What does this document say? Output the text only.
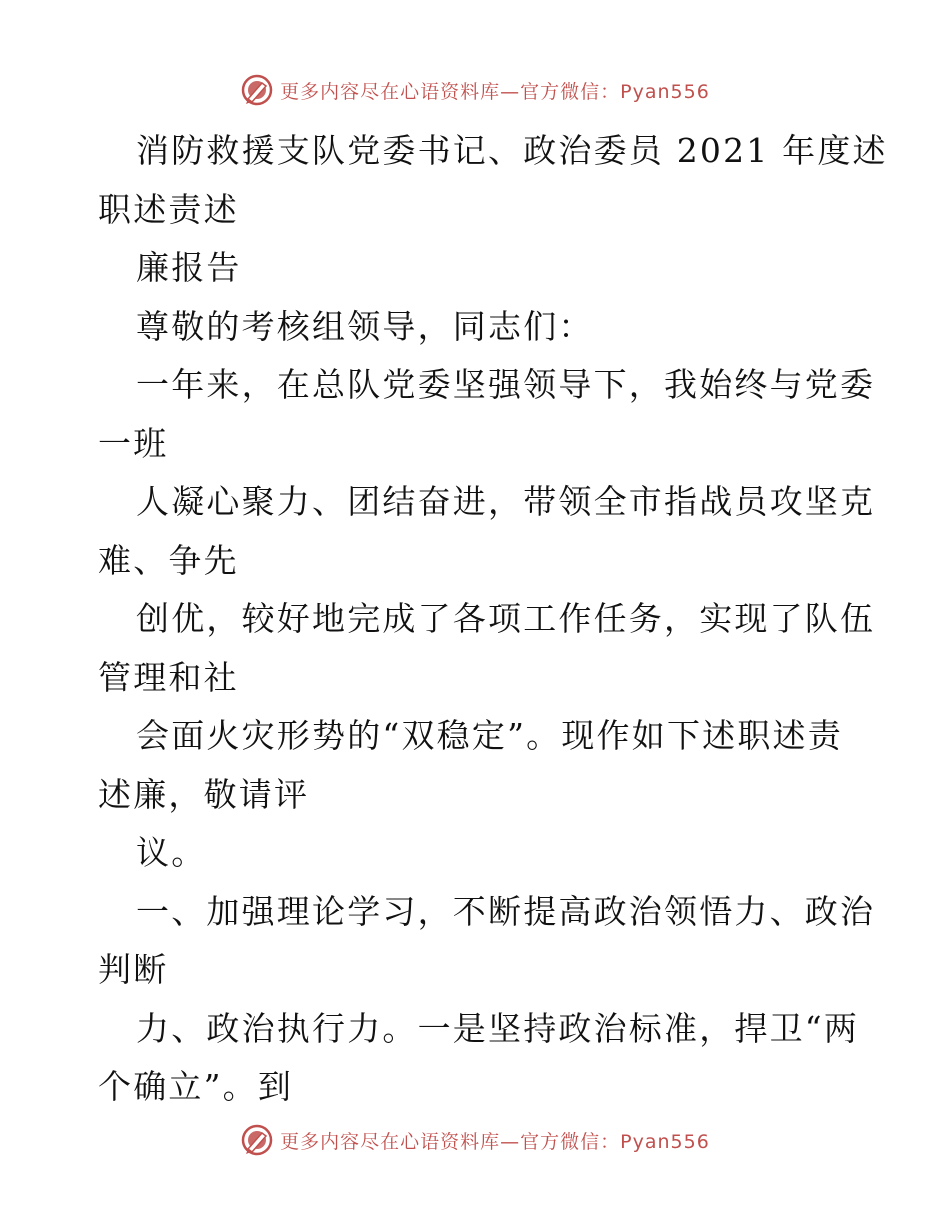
更多内容尽在心语资料库—官方微信：Pyan556
消防救援支队党委书记、政治委员 2021 年度述
职述责述
廉报告
尊敬的考核组领导，同志们：
一年来，在总队党委坚强领导下，我始终与党委
一班
人凝心聚力、团结奋进，带领全市指战员攻坚克
难、争先
创优，较好地完成了各项工作任务，实现了队伍
管理和社
会面火灾形势的“双稳定”。现作如下述职述责
述廉，敬请评
议。
一、加强理论学习，不断提高政治领悟力、政治
判断
力、政治执行力。一是坚持政治标准，捍卫“两
个确立”。到
更多内容尽在心语资料库—官方微信：Pyan556
